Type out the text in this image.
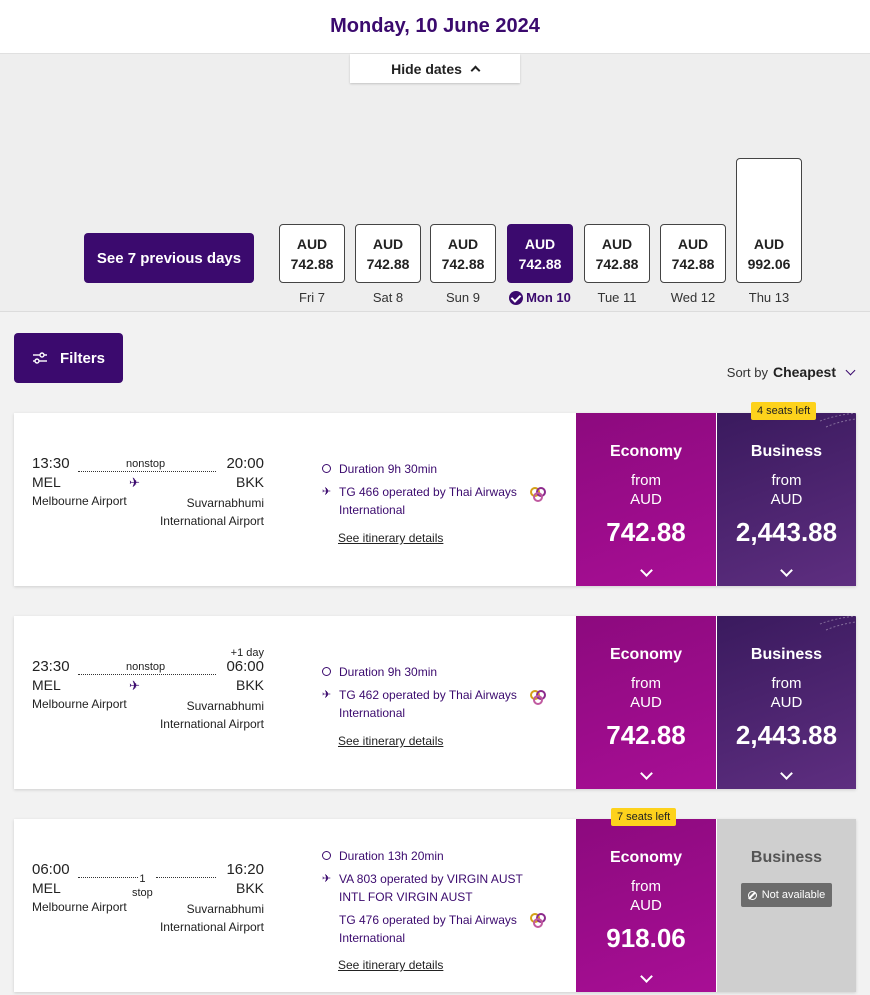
Monday, 10 June 2024
Hide dates
See 7 previous days
AUD
742.88
Fri 7
AUD
742.88
Sat 8
AUD
742.88
Sun 9
AUD
742.88
Mon 10
AUD
742.88
Tue 11
AUD
742.88
Wed 12
AUD
992.06
Thu 13
Filters
Sort by Cheapest
13:30
MEL
Melbourne Airport
nonstop
✈
20:00
BKK
Suvarnabhumi International Airport
Duration 9h 30min
✈ TG 466 operated by Thai Airways International
See itinerary details
Economy
from
AUD
742.88
Business
from
AUD
2,443.88
4 seats left
23:30
MEL
Melbourne Airport
nonstop
✈
+1 day
06:00
BKK
Suvarnabhumi International Airport
Duration 9h 30min
✈ TG 462 operated by Thai Airways International
See itinerary details
Economy
from
AUD
742.88
Business
from
AUD
2,443.88
06:00
MEL
Melbourne Airport
1
stop
16:20
BKK
Suvarnabhumi International Airport
Duration 13h 20min
✈ VA 803 operated by VIRGIN AUST INTL FOR VIRGIN AUST
TG 476 operated by Thai Airways International
See itinerary details
Economy
from
AUD
918.06
7 seats left
Business
Not available
